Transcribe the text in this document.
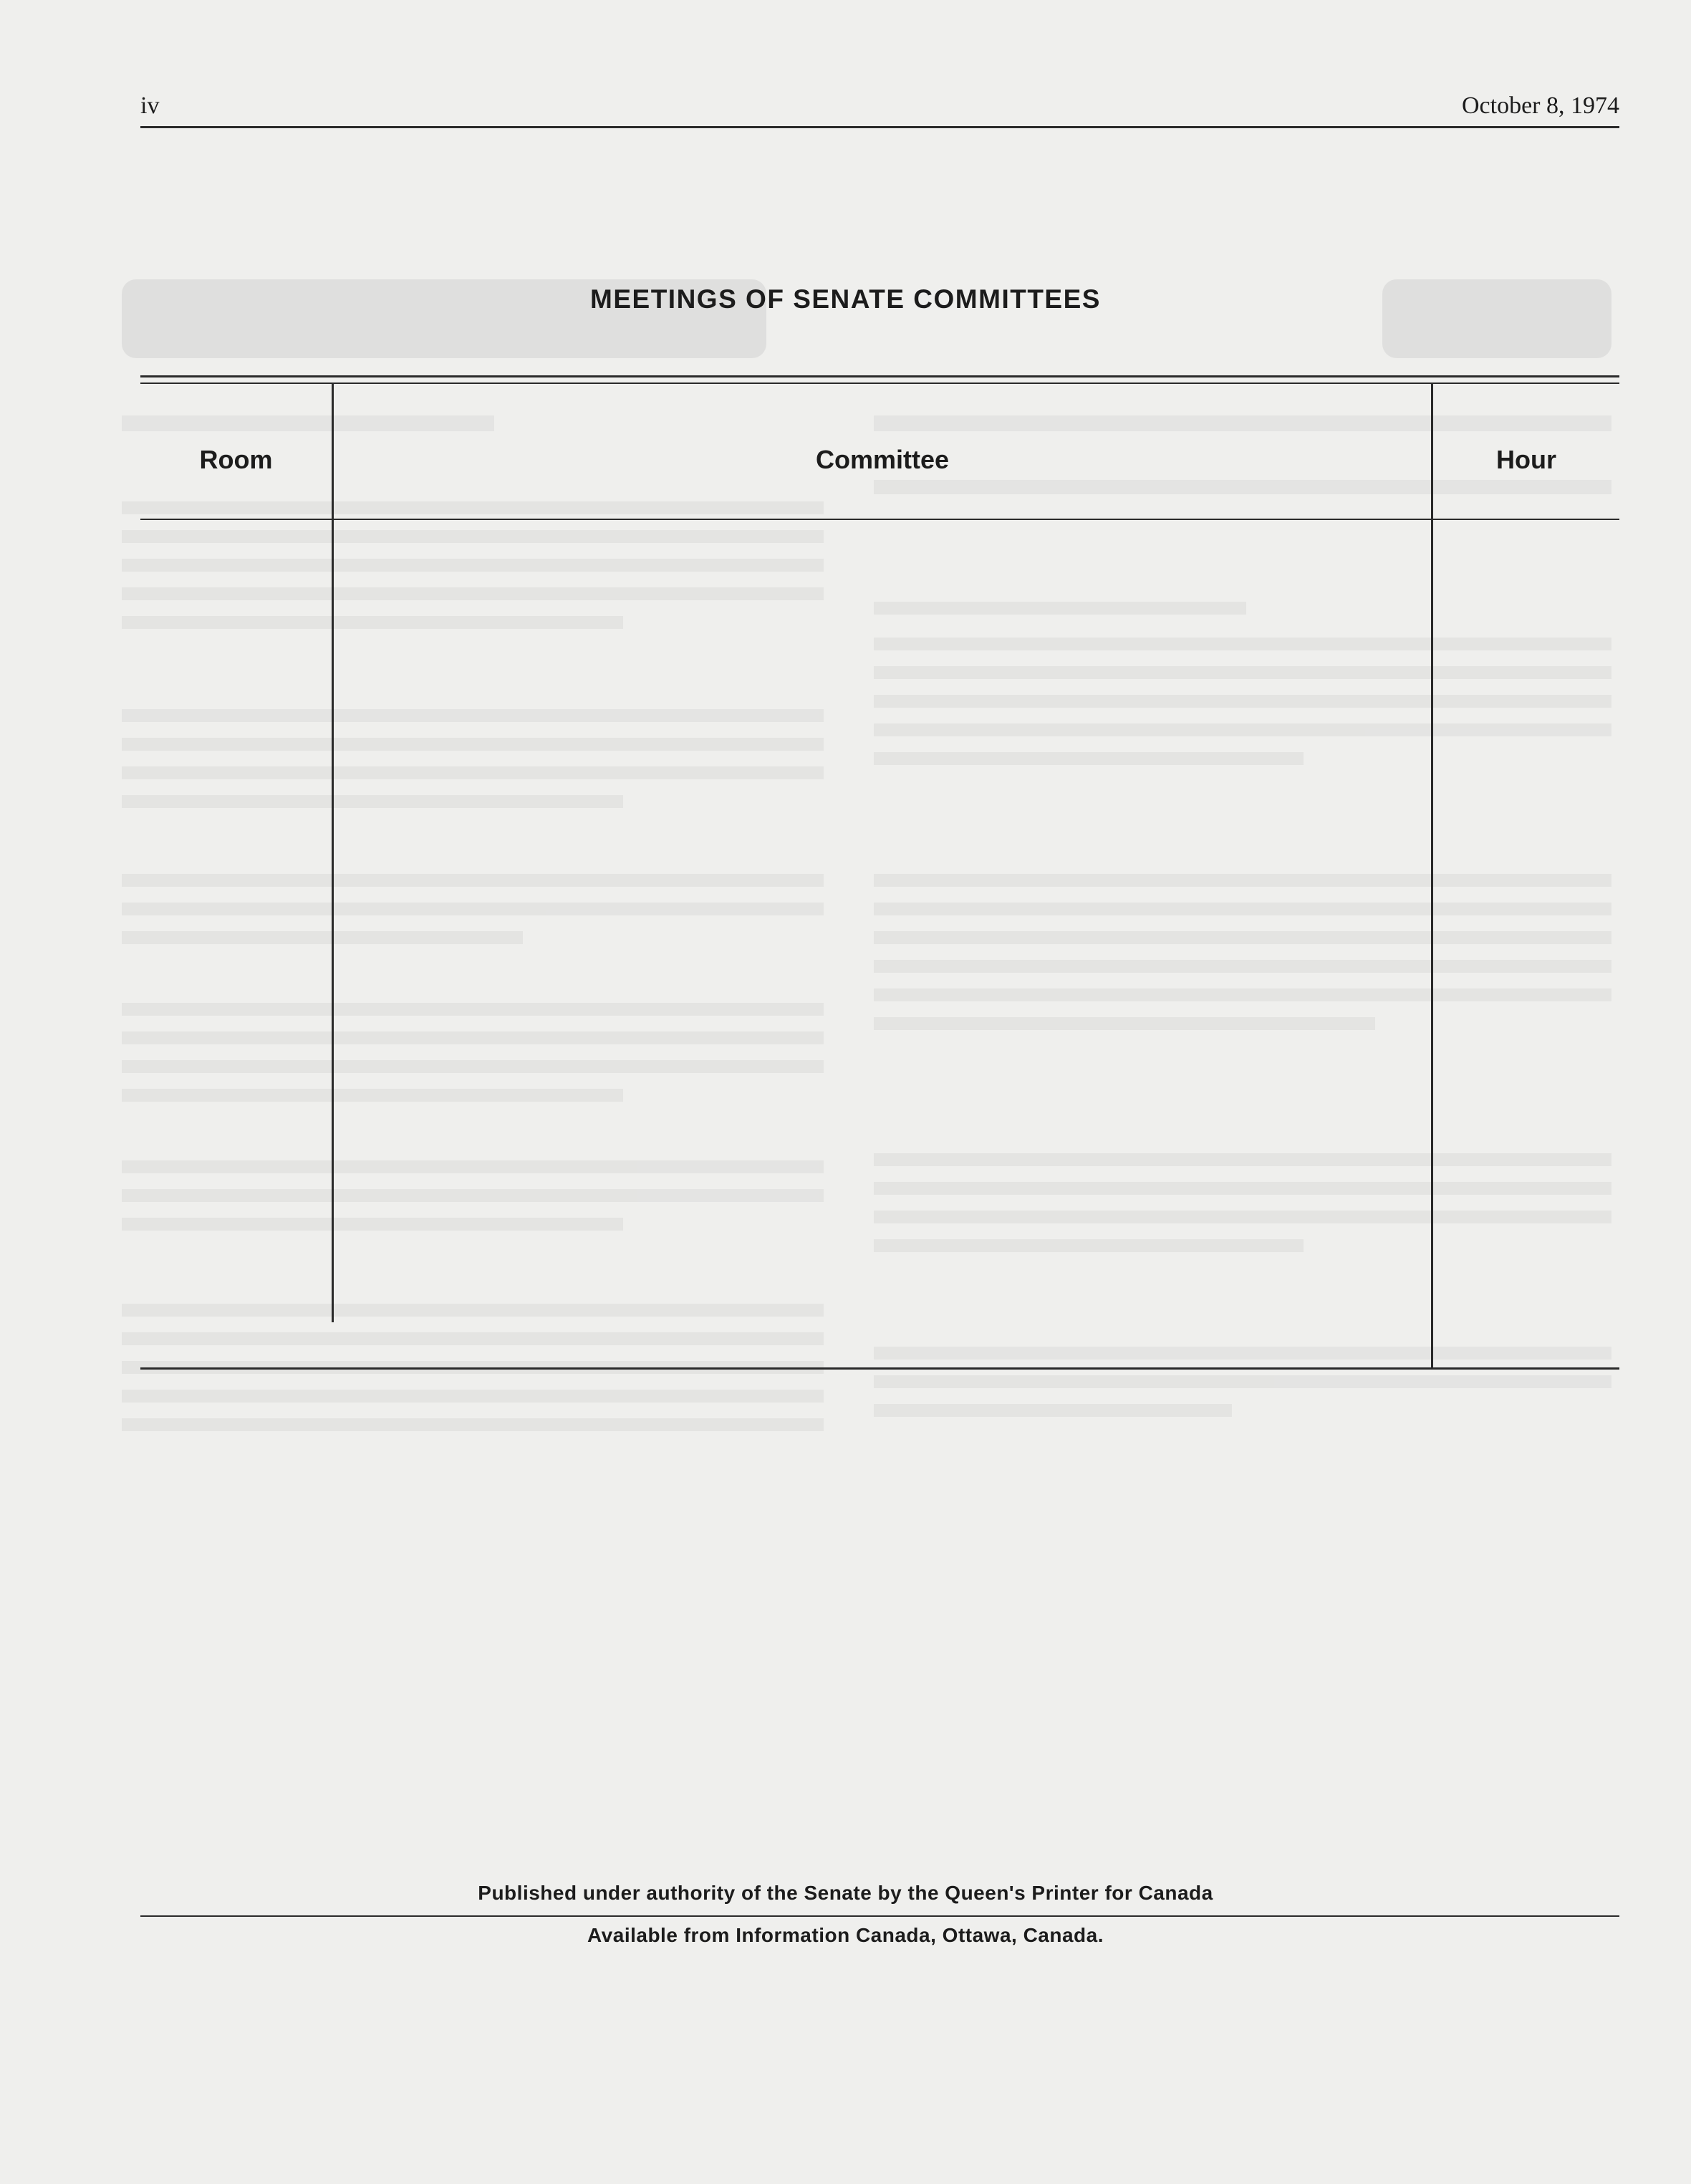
iv	October 8, 1974
MEETINGS OF SENATE COMMITTEES
Room	Committee	Hour
Published under authority of the Senate by the Queen's Printer for Canada
Available from Information Canada, Ottawa, Canada.
